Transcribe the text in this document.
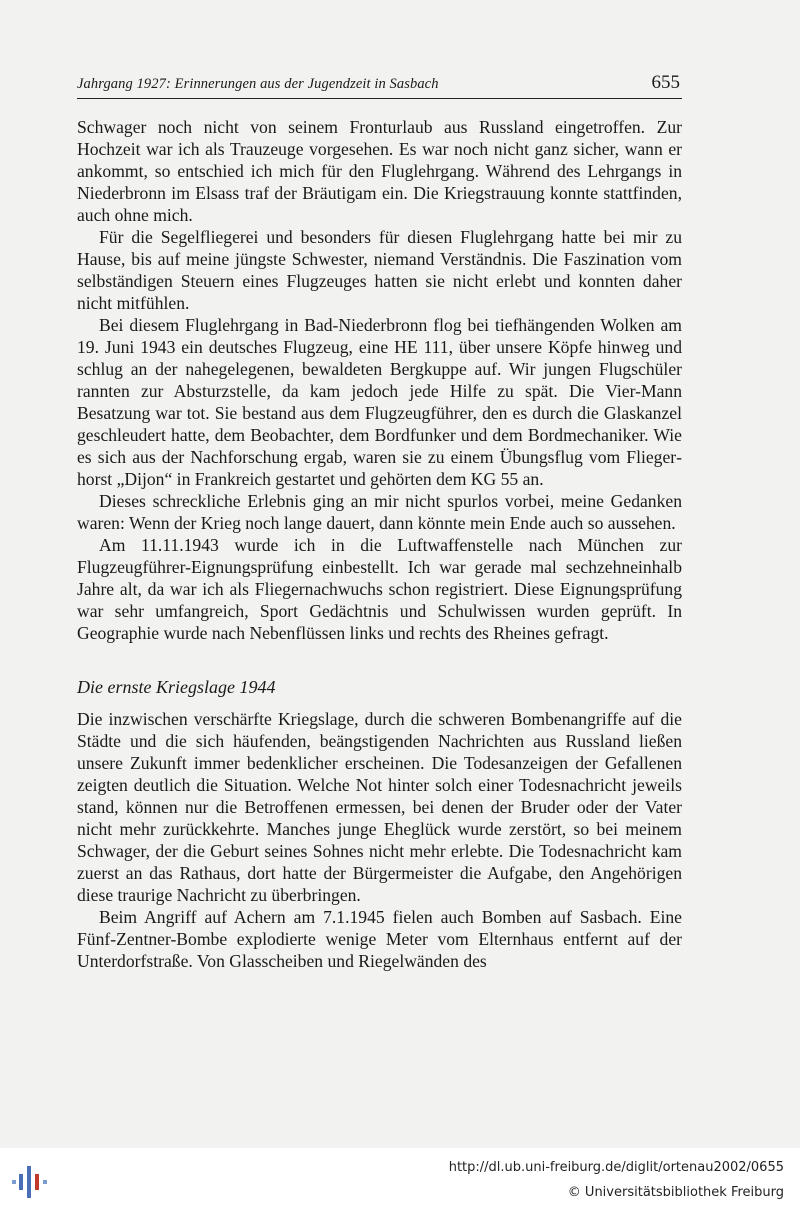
Jahrgang 1927: Erinnerungen aus der Jugendzeit in Sasbach	655

Schwager noch nicht von seinem Fronturlaub aus Russland eingetroffen. Zur Hochzeit war ich als Trauzeuge vorgesehen. Es war noch nicht ganz sicher, wann er ankommt, so entschied ich mich für den Fluglehrgang. Während des Lehrgangs in Niederbronn im Elsass traf der Bräutigam ein. Die Kriegstrauung konnte stattfinden, auch ohne mich.

Für die Segelfliegerei und besonders für diesen Fluglehrgang hatte bei mir zu Hause, bis auf meine jüngste Schwester, niemand Verständnis. Die Faszination vom selbständigen Steuern eines Flugzeuges hatten sie nicht erlebt und konnten daher nicht mitfühlen.

Bei diesem Fluglehrgang in Bad-Niederbronn flog bei tiefhängenden Wolken am 19. Juni 1943 ein deutsches Flugzeug, eine HE 111, über unsere Köpfe hinweg und schlug an der nahegelegenen, bewaldeten Bergkuppe auf. Wir jungen Flugschüler rannten zur Absturzstelle, da kam jedoch jede Hilfe zu spät. Die Vier-Mann Besatzung war tot. Sie bestand aus dem Flugzeugführer, den es durch die Glaskanzel geschleudert hatte, dem Beobachter, dem Bordfunker und dem Bordmechaniker. Wie es sich aus der Nachforschung ergab, waren sie zu einem Übungsflug vom Fliegerhorst „Dijon“ in Frankreich gestartet und gehörten dem KG 55 an.

Dieses schreckliche Erlebnis ging an mir nicht spurlos vorbei, meine Gedanken waren: Wenn der Krieg noch lange dauert, dann könnte mein Ende auch so aussehen.

Am 11.11.1943 wurde ich in die Luftwaffenstelle nach München zur Flugzeugführer-Eignungsprüfung einbestellt. Ich war gerade mal sechzehneinhalb Jahre alt, da war ich als Fliegernachwuchs schon registriert. Diese Eignungsprüfung war sehr umfangreich, Sport Gedächtnis und Schulwissen wurden geprüft. In Geographie wurde nach Nebenflüssen links und rechts des Rheines gefragt.

Die ernste Kriegslage 1944

Die inzwischen verschärfte Kriegslage, durch die schweren Bombenangriffe auf die Städte und die sich häufenden, beängstigenden Nachrichten aus Russland ließen unsere Zukunft immer bedenklicher erscheinen. Die Todesanzeigen der Gefallenen zeigten deutlich die Situation. Welche Not hinter solch einer Todesnachricht jeweils stand, können nur die Betroffenen ermessen, bei denen der Bruder oder der Vater nicht mehr zurückkehrte. Manches junge Eheglück wurde zerstört, so bei meinem Schwager, der die Geburt seines Sohnes nicht mehr erlebte. Die Todesnachricht kam zuerst an das Rathaus, dort hatte der Bürgermeister die Aufgabe, den Angehörigen diese traurige Nachricht zu überbringen.

Beim Angriff auf Achern am 7.1.1945 fielen auch Bomben auf Sasbach. Eine Fünf-Zentner-Bombe explodierte wenige Meter vom Elternhaus entfernt auf der Unterdorfstraße. Von Glasscheiben und Riegelwänden des

http://dl.ub.uni-freiburg.de/diglit/ortenau2002/0655
© Universitätsbibliothek Freiburg
